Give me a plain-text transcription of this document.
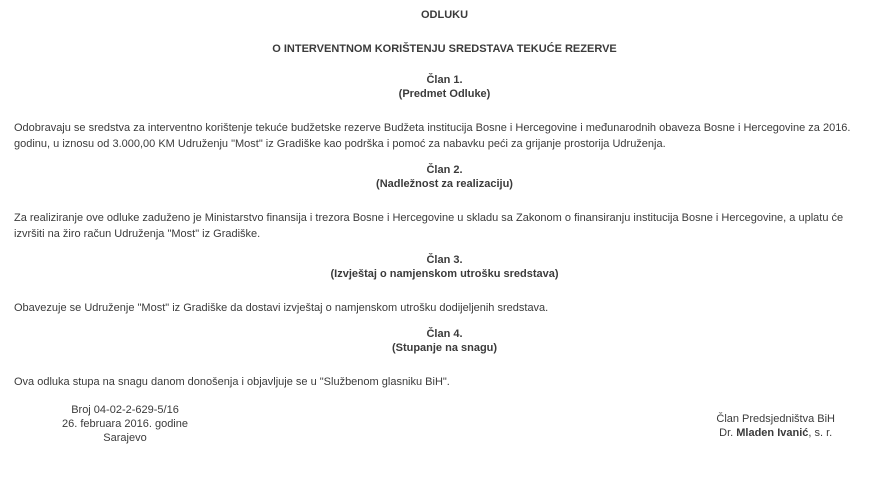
ODLUKU
O INTERVENTNOM KORIŠTENJU SREDSTAVA TEKUĆE REZERVE
Član 1.
(Predmet Odluke)
Odobravaju se sredstva za interventno korištenje tekuće budžetske rezerve Budžeta institucija Bosne i Hercegovine i međunarodnih obaveza Bosne i Hercegovine za 2016. godinu, u iznosu od 3.000,00 KM Udruženju "Most" iz Gradiške kao podrška i pomoć za nabavku peći za grijanje prostorija Udruženja.
Član 2.
(Nadležnost za realizaciju)
Za realiziranje ove odluke zaduženo je Ministarstvo finansija i trezora Bosne i Hercegovine u skladu sa Zakonom o finansiranju institucija Bosne i Hercegovine, a uplatu će izvršiti na žiro račun Udruženja "Most" iz Gradiške.
Član 3.
(Izvještaj o namjenskom utrošku sredstava)
Obavezuje se Udruženje "Most" iz Gradiške da dostavi izvještaj o namjenskom utrošku dodijeljenih sredstava.
Član 4.
(Stupanje na snagu)
Ova odluka stupa na snagu danom donošenja i objavljuje se u "Službenom glasniku BiH".
Broj 04-02-2-629-5/16
26. februara 2016. godine
Sarajevo
Član Predsjedništva BiH
Dr. Mladen Ivanić, s. r.
